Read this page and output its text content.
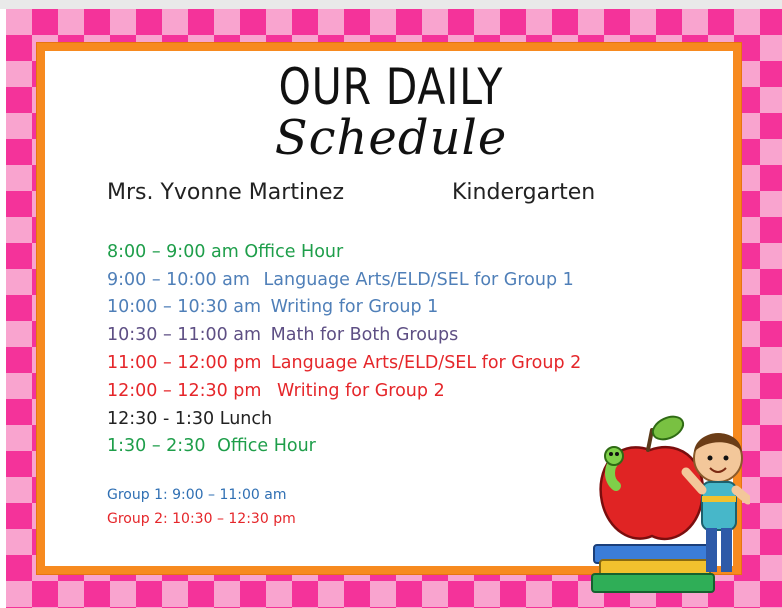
OUR DAILY
Schedule
Mrs. Yvonne Martinez	Kindergarten
8:00 – 9:00 am Office Hour
9:00 – 10:00 am Language Arts/ELD/SEL for Group 1
10:00 – 10:30 am Writing for Group 1
10:30 – 11:00 am Math for Both Groups
11:00 – 12:00 pm Language Arts/ELD/SEL for Group 2
12:00 – 12:30 pm Writing for Group 2
12:30 - 1:30 Lunch
1:30 – 2:30 Office Hour
Group 1: 9:00 – 11:00 am
Group 2: 10:30 – 12:30 pm
